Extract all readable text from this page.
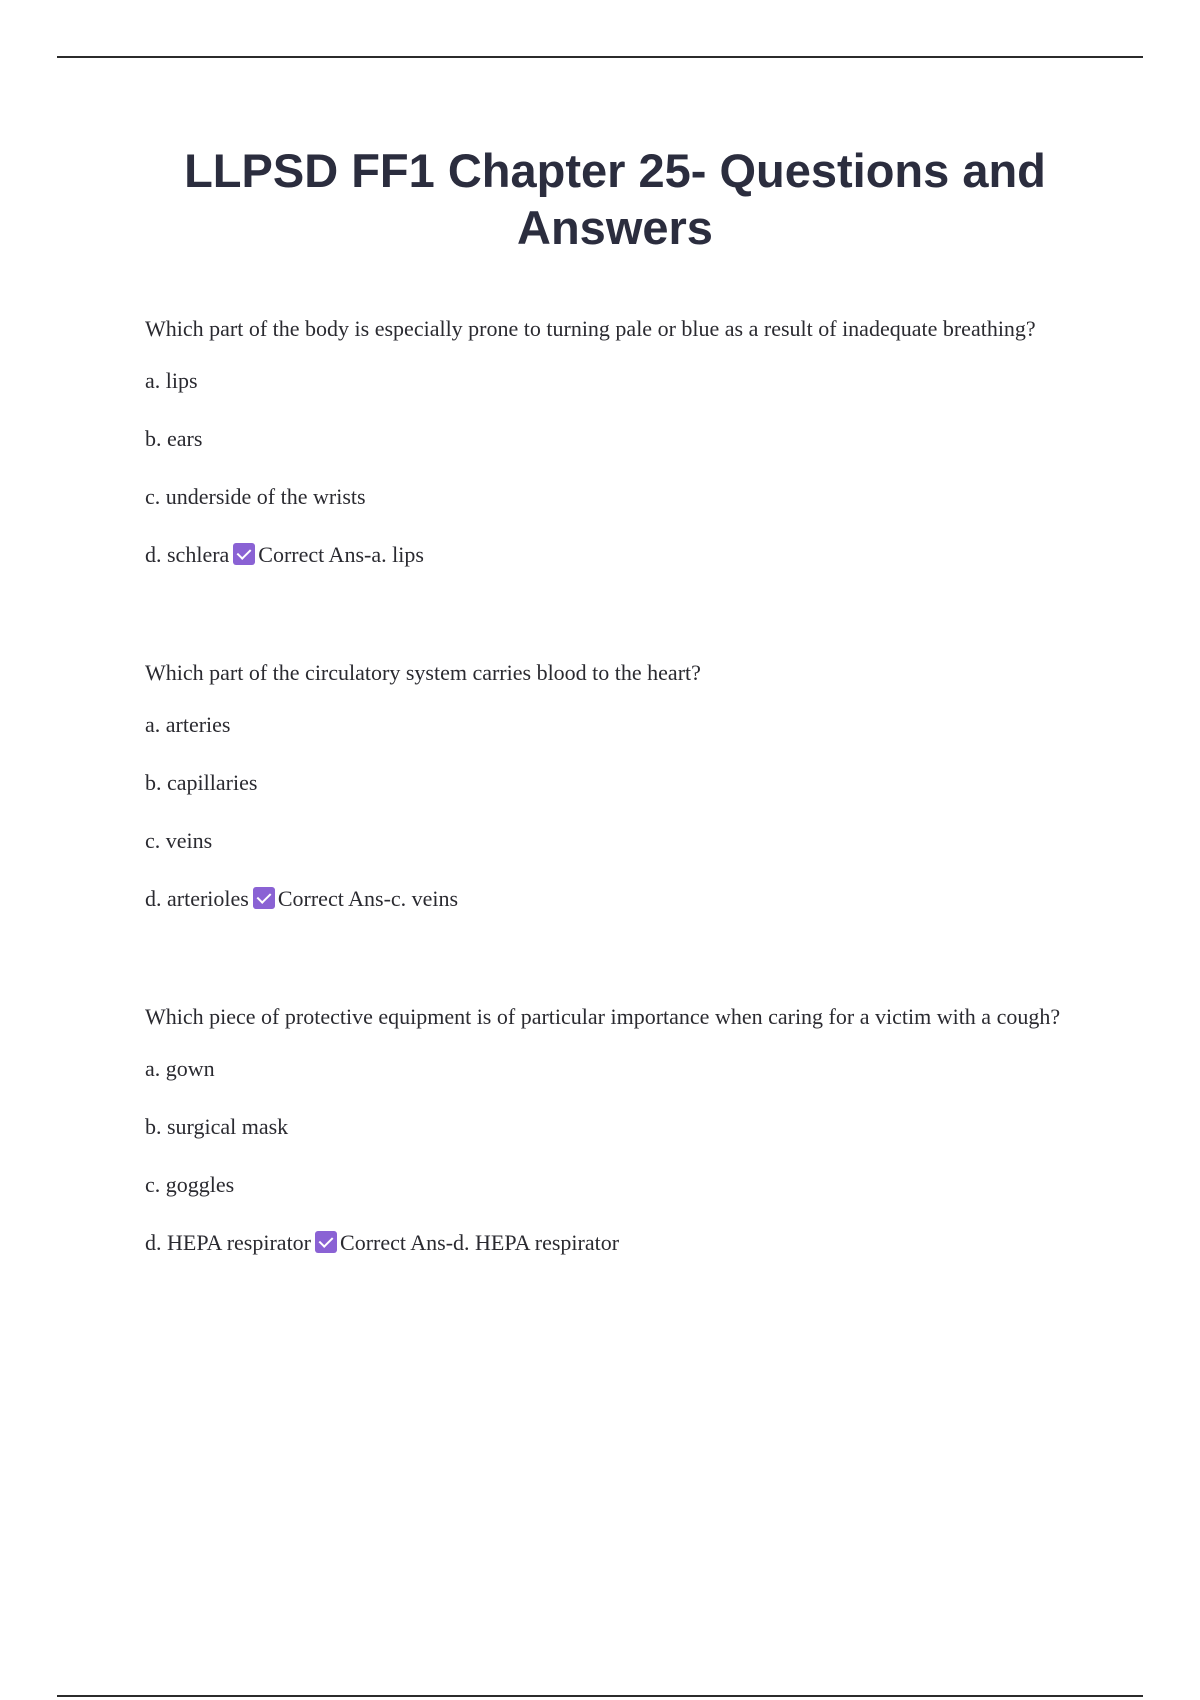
LLPSD FF1 Chapter 25- Questions and Answers

Which part of the body is especially prone to turning pale or blue as a result of inadequate breathing?

a. lips

b. ears

c. underside of the wrists

d. schlera Correct Ans-a. lips

Which part of the circulatory system carries blood to the heart?

a. arteries

b. capillaries

c. veins

d. arterioles Correct Ans-c. veins

Which piece of protective equipment is of particular importance when caring for a victim with a cough?

a. gown

b. surgical mask

c. goggles

d. HEPA respirator Correct Ans-d. HEPA respirator
